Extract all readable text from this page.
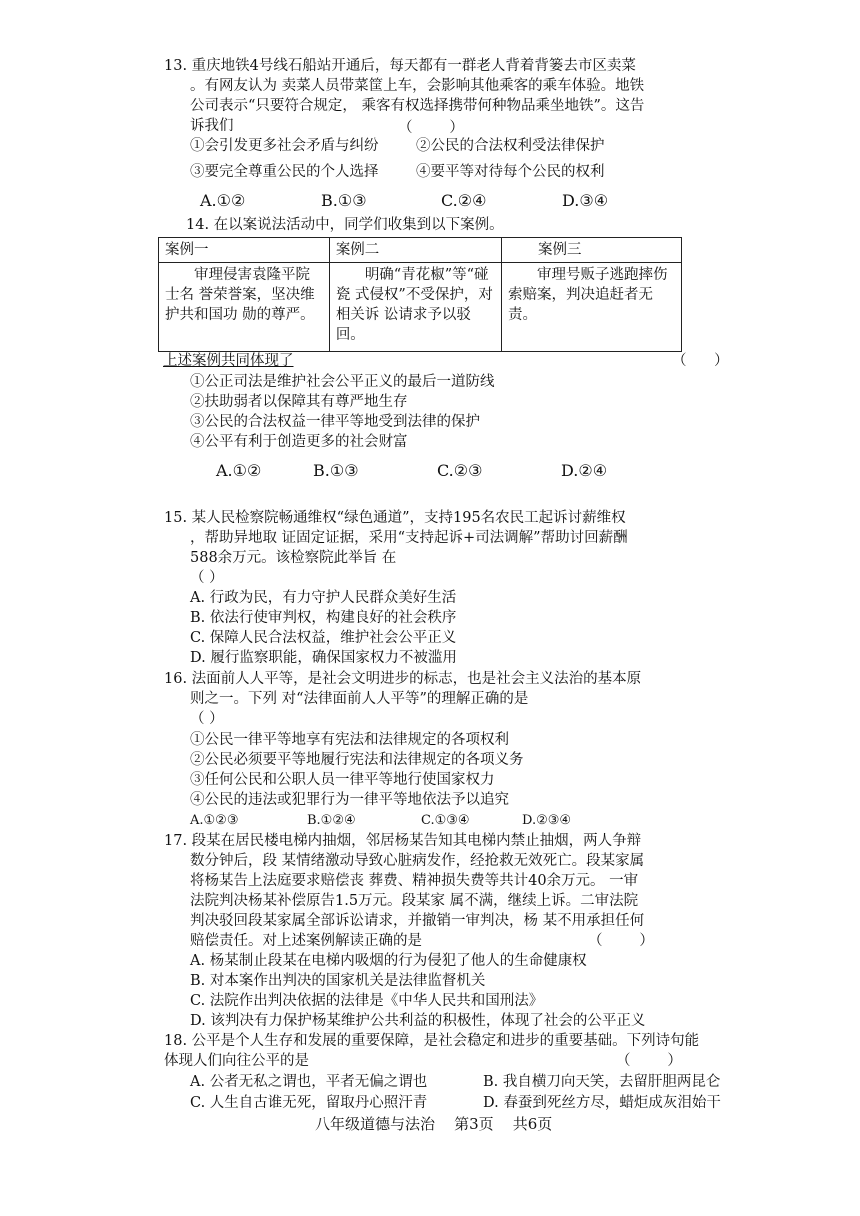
13. 重庆地铁4号线石船站开通后，每天都有一群老人背着背篓去市区卖菜
。有网友认为 卖菜人员带菜筐上车，会影响其他乘客的乘车体验。地铁
公司表示“只要符合规定， 乘客有权选择携带何种物品乘坐地铁”。这告
诉我们	（        ）
①会引发更多社会矛盾与纠纷	②公民的合法权利受法律保护
③要完全尊重公民的个人选择	④要平等对待每个公民的权利
A.①②	B.①③	C.②④	D.③④
14. 在以案说法活动中，同学们收集到以下案例。
案例一	案例二	案例三

审理侵害袁隆平院士名 誉荣誉案，坚决维护共和国功 勋的尊严。	明确“青花椒”等“碰瓷 式侵权”不受保护，对相关诉 讼请求予以驳回。	审理号贩子逃跑摔伤 索赔案，判决追赶者无责。
上述案例共同体现了	（      ）
①公正司法是维护社会公平正义的最后一道防线
②扶助弱者以保障其有尊严地生存
③公民的合法权益一律平等地受到法律的保护
④公平有利于创造更多的社会财富
A.①②	B.①③	C.②③	D.②④
15. 某人民检察院畅通维权“绿色通道”，支持195名农民工起诉讨薪维权
，帮助异地取 证固定证据，采用“支持起诉+司法调解”帮助讨回薪酬
588余万元。该检察院此举旨 在
（ ）
A. 行政为民，有力守护人民群众美好生活
B. 依法行使审判权，构建良好的社会秩序
C. 保障人民合法权益，维护社会公平正义
D. 履行监察职能，确保国家权力不被滥用
16. 法面前人人平等，是社会文明进步的标志，也是社会主义法治的基本原
则之一。下列 对“法律面前人人平等”的理解正确的是
（ ）
①公民一律平等地享有宪法和法律规定的各项权利
②公民必须要平等地履行宪法和法律规定的各项义务
③任何公民和公职人员一律平等地行使国家权力
④公民的违法或犯罪行为一律平等地依法予以追究
A.①②③	B.①②④	C.①③④	D.②③④
17. 段某在居民楼电梯内抽烟，邻居杨某告知其电梯内禁止抽烟，两人争辩
数分钟后，段 某情绪激动导致心脏病发作，经抢救无效死亡。段某家属
将杨某告上法庭要求赔偿丧 葬费、精神损失费等共计40余万元。 一审
法院判决杨某补偿原告1.5万元。段某家 属不满，继续上诉。二审法院
判决驳回段某家属全部诉讼请求，并撤销一审判决，杨 某不用承担任何
赔偿责任。对上述案例解读正确的是	（        ）
A. 杨某制止段某在电梯内吸烟的行为侵犯了他人的生命健康权
B. 对本案作出判决的国家机关是法律监督机关
C. 法院作出判决依据的法律是《中华人民共和国刑法》
D. 该判决有力保护杨某维护公共利益的积极性，体现了社会的公平正义
18. 公平是个人生存和发展的重要保障，是社会稳定和进步的重要基础。下列诗句能
体现人们向往公平的是	（        ）
A. 公者无私之谓也，平者无偏之谓也	B. 我自横刀向天笑，去留肝胆两昆仑
C. 人生自古谁无死，留取丹心照汗青	D. 春蚕到死丝方尽，蜡炬成灰泪始干
八年级道德与法治    第3页    共6页
